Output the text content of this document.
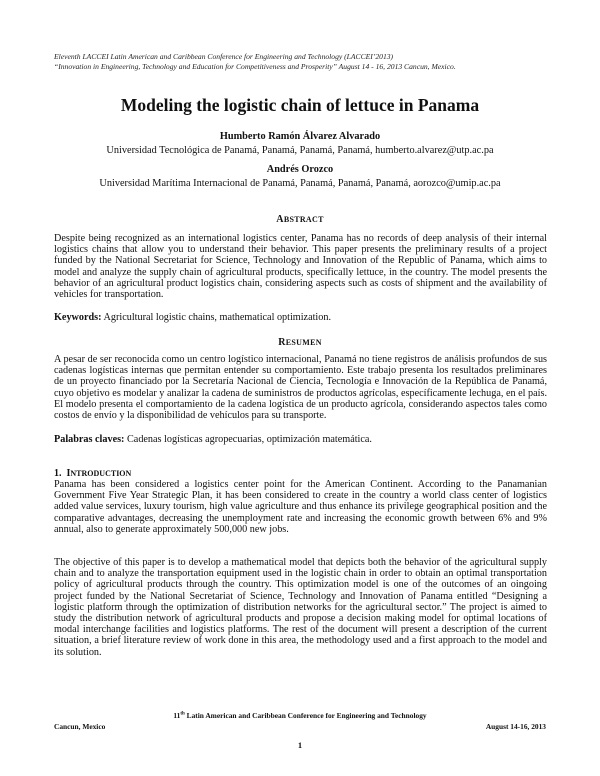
Eleventh LACCEI Latin American and Caribbean Conference for Engineering and Technology (LACCEI’2013)
“Innovation in Engineering, Technology and Education for Competitiveness and Prosperity” August 14 - 16, 2013 Cancun, Mexico.
Modeling the logistic chain of lettuce in Panama
Humberto Ramón Álvarez Alvarado
Universidad Tecnológica de Panamá, Panamá, Panamá, Panamá, humberto.alvarez@utp.ac.pa
Andrés Orozco
Universidad Marítima Internacional de Panamá, Panamá, Panamá, Panamá, aorozco@umip.ac.pa
ABSTRACT
Despite being recognized as an international logistics center, Panama has no records of deep analysis of their internal logistics chains that allow you to understand their behavior. This paper presents the preliminary results of a project funded by the National Secretariat for Science, Technology and Innovation of the Republic of Panama, which aims to model and analyze the supply chain of agricultural products, specifically lettuce, in the country. The model presents the behavior of an agricultural product logistics chain, considering aspects such as costs of shipment and the availability of vehicles for transportation.
Keywords: Agricultural logistic chains, mathematical optimization.
RESUMEN
A pesar de ser reconocida como un centro logístico internacional, Panamá no tiene registros de análisis profundos de sus cadenas logísticas internas que permitan entender su comportamiento. Este trabajo presenta los resultados preliminares de un proyecto financiado por la Secretaría Nacional de Ciencia, Tecnología e Innovación de la República de Panamá, cuyo objetivo es modelar y analizar la cadena de suministros de productos agrícolas, específicamente lechuga, en el país. El modelo presenta el comportamiento de la cadena logística de un producto agrícola, considerando aspectos tales como costos de envío y la disponibilidad de vehículos para su transporte.
Palabras claves: Cadenas logísticas agropecuarias, optimización matemática.
1. INTRODUCTION
Panama has been considered a logistics center point for the American Continent. According to the Panamanian Government Five Year Strategic Plan, it has been considered to create in the country a world class center of logistics added value services, luxury tourism, high value agriculture and thus enhance its privilege geographical position and the comparative advantages, decreasing the unemployment rate and increasing the economic growth between 6% and 9% annual, also to generate approximately 500,000 new jobs.
The objective of this paper is to develop a mathematical model that depicts both the behavior of the agricultural supply chain and to analyze the transportation equipment used in the logistic chain in order to obtain an optimal transportation policy of agricultural products through the country. This optimization model is one of the outcomes of an oingoing project funded by the National Secretariat of Science, Technology and Innovation of Panama entitled “Designing a logistic platform through the optimization of distribution networks for the agricultural sector.” The project is aimed to study the distribution network of agricultural products and propose a decision making model for optimal locations of modal interchange facilities and logistics platforms. The rest of the document will present a description of the current situation, a brief literature review of work done in this area, the methodology used and a first approach to the model and its solution.
11th Latin American and Caribbean Conference for Engineering and Technology
Cancun, Mexico	August 14-16, 2013
1
